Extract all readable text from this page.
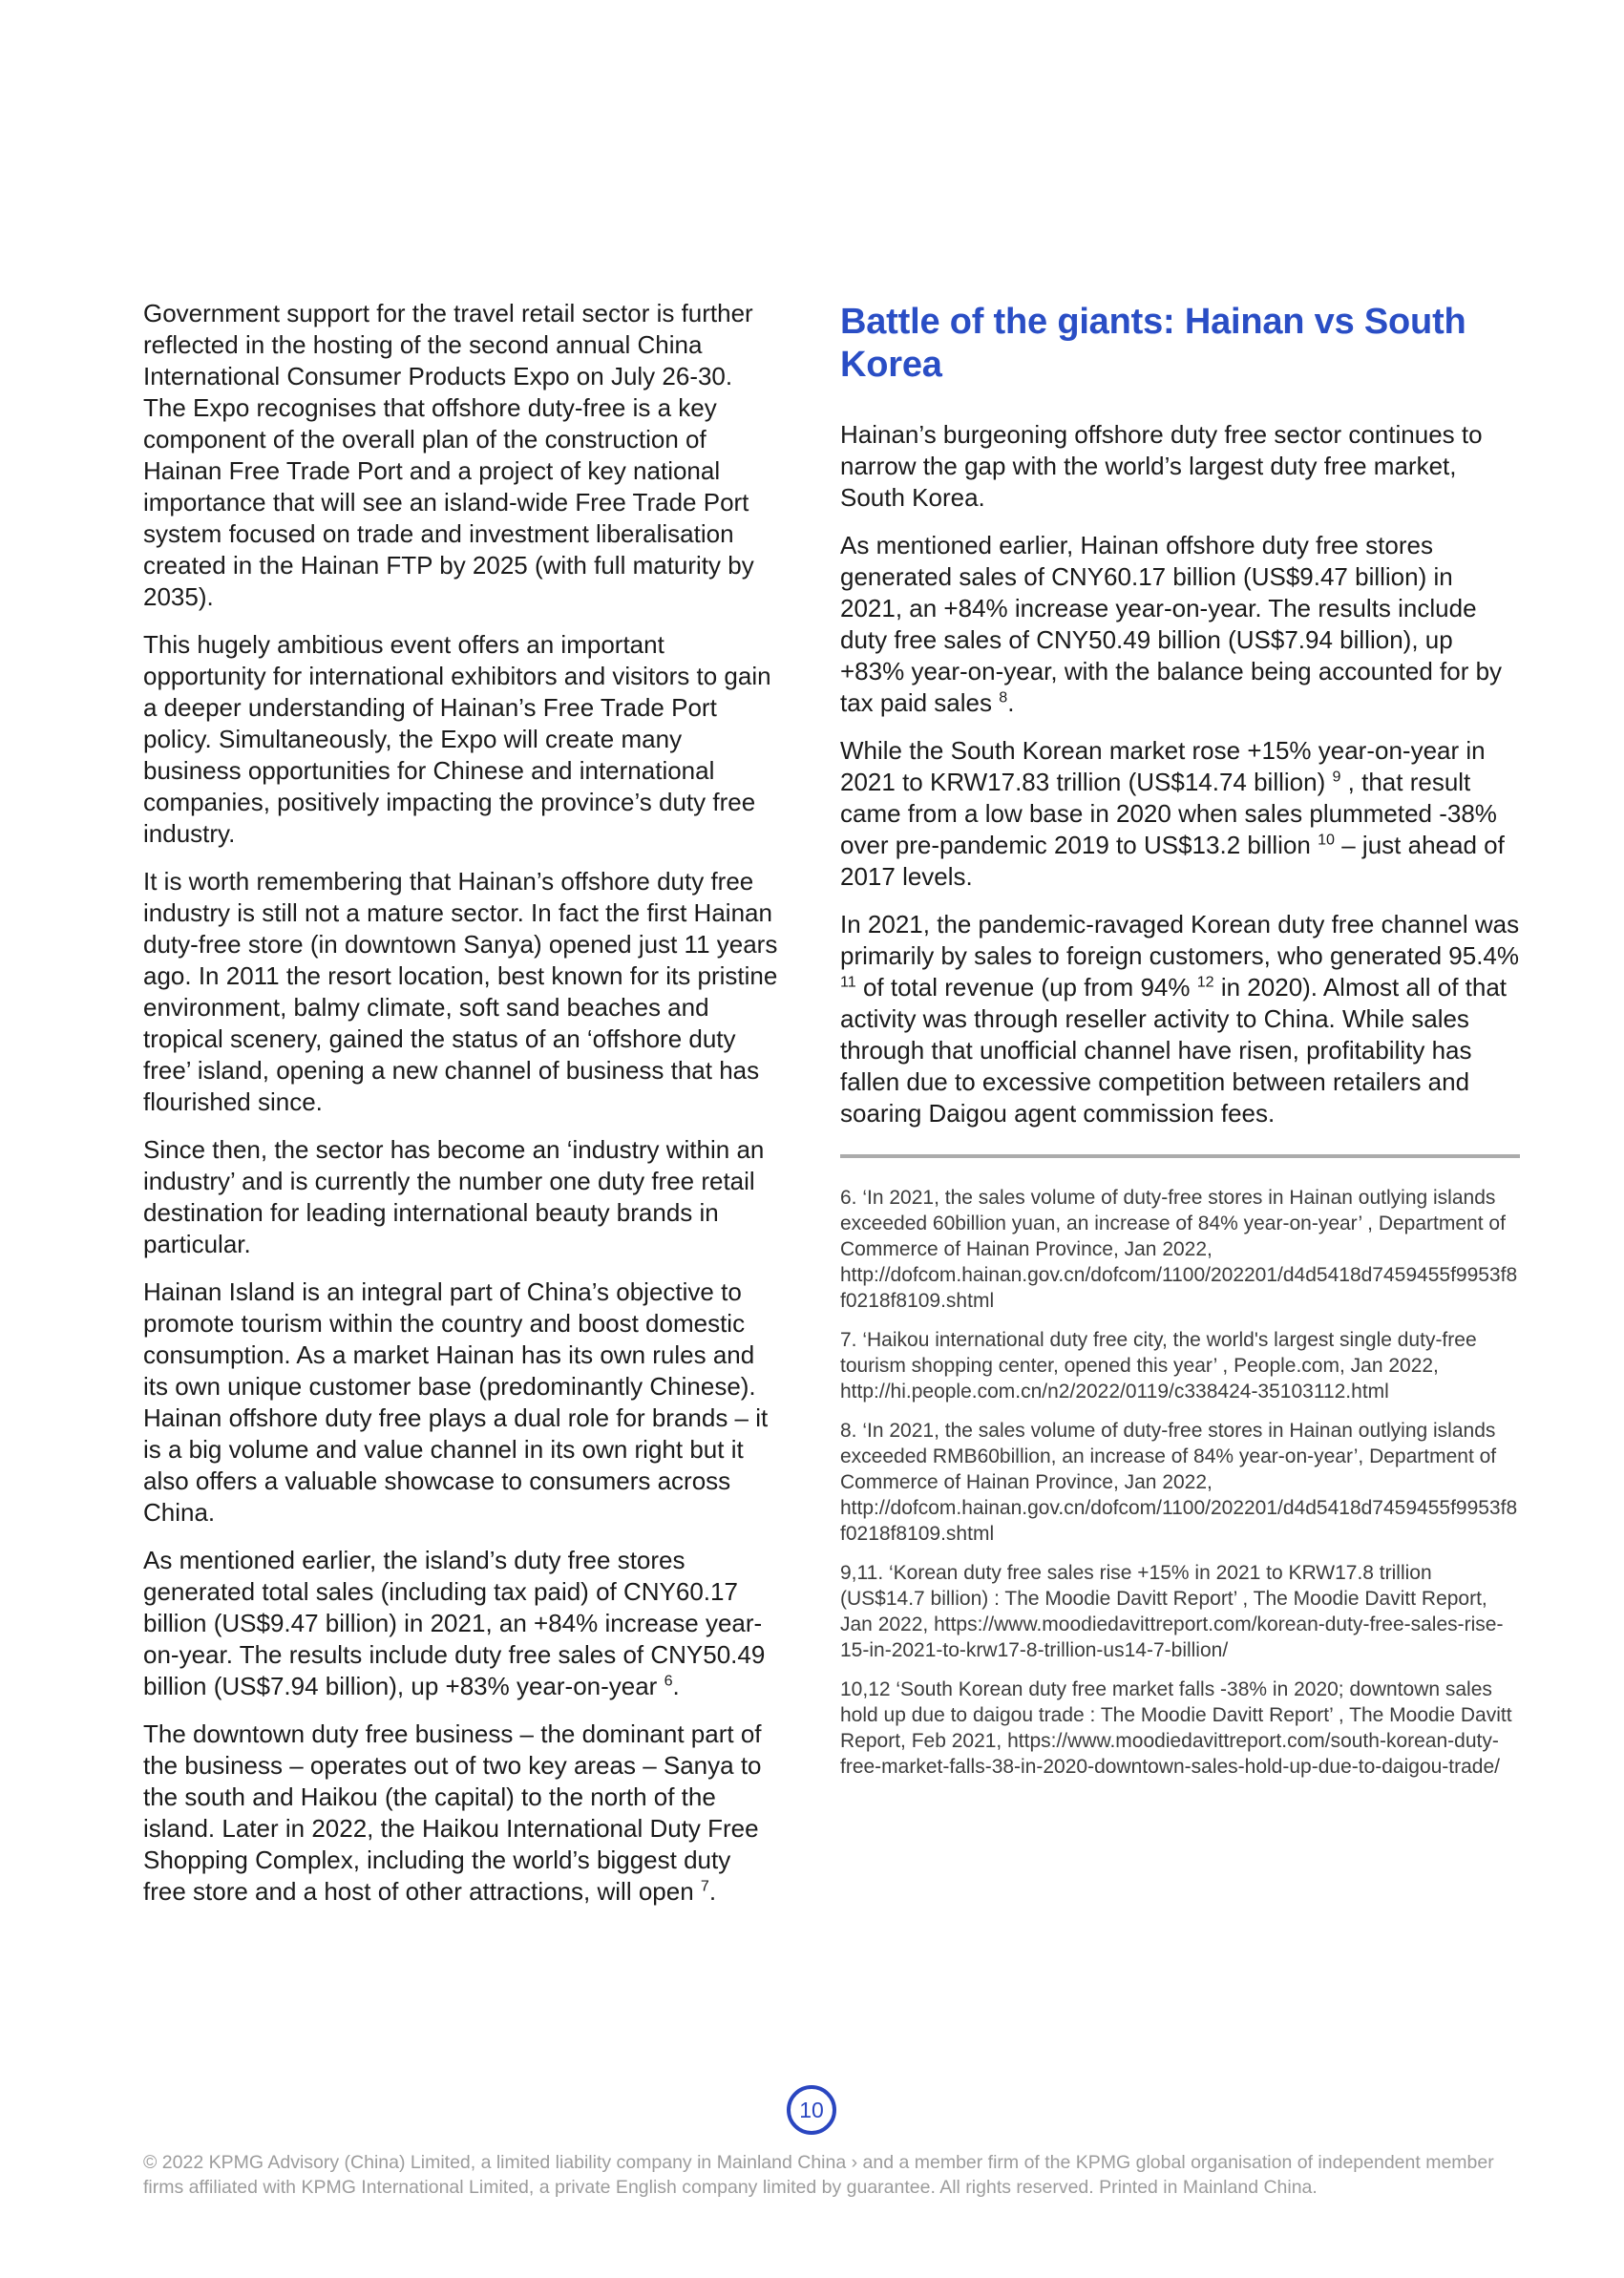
Government support for the travel retail sector is further reflected in the hosting of the second annual China International Consumer Products Expo on July 26-30. The Expo recognises that offshore duty-free is a key component of the overall plan of the construction of Hainan Free Trade Port and a project of key national importance that will see an island-wide Free Trade Port system focused on trade and investment liberalisation created in the Hainan FTP by 2025 (with full maturity by 2035).

This hugely ambitious event offers an important opportunity for international exhibitors and visitors to gain a deeper understanding of Hainan’s Free Trade Port policy. Simultaneously, the Expo will create many business opportunities for Chinese and international companies, positively impacting the province’s duty free industry.

It is worth remembering that Hainan’s offshore duty free industry is still not a mature sector. In fact the first Hainan duty-free store (in downtown Sanya) opened just 11 years ago. In 2011 the resort location, best known for its pristine environment, balmy climate, soft sand beaches and tropical scenery, gained the status of an ‘offshore duty free’ island, opening a new channel of business that has flourished since.

Since then, the sector has become an ‘industry within an industry’ and is currently the number one duty free retail destination for leading international beauty brands in particular.

Hainan Island is an integral part of China’s objective to promote tourism within the country and boost domestic consumption. As a market Hainan has its own rules and its own unique customer base (predominantly Chinese). Hainan offshore duty free plays a dual role for brands – it is a big volume and value channel in its own right but it also offers a valuable showcase to consumers across China.

As mentioned earlier, the island’s duty free stores generated total sales (including tax paid) of CNY60.17 billion (US$9.47 billion) in 2021, an +84% increase year-on-year. The results include duty free sales of CNY50.49 billion (US$7.94 billion), up +83% year-on-year $^6$.

The downtown duty free business – the dominant part of the business – operates out of two key areas – Sanya to the south and Haikou (the capital) to the north of the island. Later in 2022, the Haikou International Duty Free Shopping Complex, including the world’s biggest duty free store and a host of other attractions, will open $^7$.

Battle of the giants: Hainan vs South Korea

Hainan’s burgeoning offshore duty free sector continues to narrow the gap with the world’s largest duty free market, South Korea.

As mentioned earlier, Hainan offshore duty free stores generated sales of CNY60.17 billion (US$9.47 billion) in 2021, an +84% increase year-on-year. The results include duty free sales of CNY50.49 billion (US$7.94 billion), up +83% year-on-year, with the balance being accounted for by tax paid sales $^8$.

While the South Korean market rose +15% year-on-year in 2021 to KRW17.83 trillion (US$14.74 billion) $^9$ , that result came from a low base in 2020 when sales plummeted -38% over pre-pandemic 2019 to US$13.2 billion $^{10}$ – just ahead of 2017 levels.

In 2021, the pandemic-ravaged Korean duty free channel was primarily by sales to foreign customers, who generated 95.4% $^{11}$ of total revenue (up from 94% $^{12}$ in 2020). Almost all of that activity was through reseller activity to China. While sales through that unofficial channel have risen, profitability has fallen due to excessive competition between retailers and soaring Daigou agent commission fees.

6. ‘In 2021, the sales volume of duty-free stores in Hainan outlying islands exceeded 60billion yuan, an increase of 84% year-on-year’ , Department of Commerce of Hainan Province, Jan 2022, http://dofcom.hainan.gov.cn/dofcom/1100/202201/d4d5418d7459455f9953f8f0218f8109.shtml

7. ‘Haikou international duty free city, the world's largest single duty-free tourism shopping center, opened this year’ , People.com, Jan 2022, http://hi.people.com.cn/n2/2022/0119/c338424-35103112.html

8. ‘In 2021, the sales volume of duty-free stores in Hainan outlying islands exceeded RMB60billion, an increase of 84% year-on-year’, Department of Commerce of Hainan Province, Jan 2022, http://dofcom.hainan.gov.cn/dofcom/1100/202201/d4d5418d7459455f9953f8f0218f8109.shtml

9,11. ‘Korean duty free sales rise +15% in 2021 to KRW17.8 trillion (US$14.7 billion) : The Moodie Davitt Report’ , The Moodie Davitt Report, Jan 2022, https://www.moodiedavittreport.com/korean-duty-free-sales-rise-15-in-2021-to-krw17-8-trillion-us14-7-billion/

10,12 ‘South Korean duty free market falls -38% in 2020; downtown sales hold up due to daigou trade : The Moodie Davitt Report’ , The Moodie Davitt Report, Feb 2021, https://www.moodiedavittreport.com/south-korean-duty-free-market-falls-38-in-2020-downtown-sales-hold-up-due-to-daigou-trade/

10

© 2022 KPMG Advisory (China) Limited, a limited liability company in Mainland China › and a member firm of the KPMG global organisation of independent member firms affiliated with KPMG International Limited, a private English company limited by guarantee. All rights reserved. Printed in Mainland China.
